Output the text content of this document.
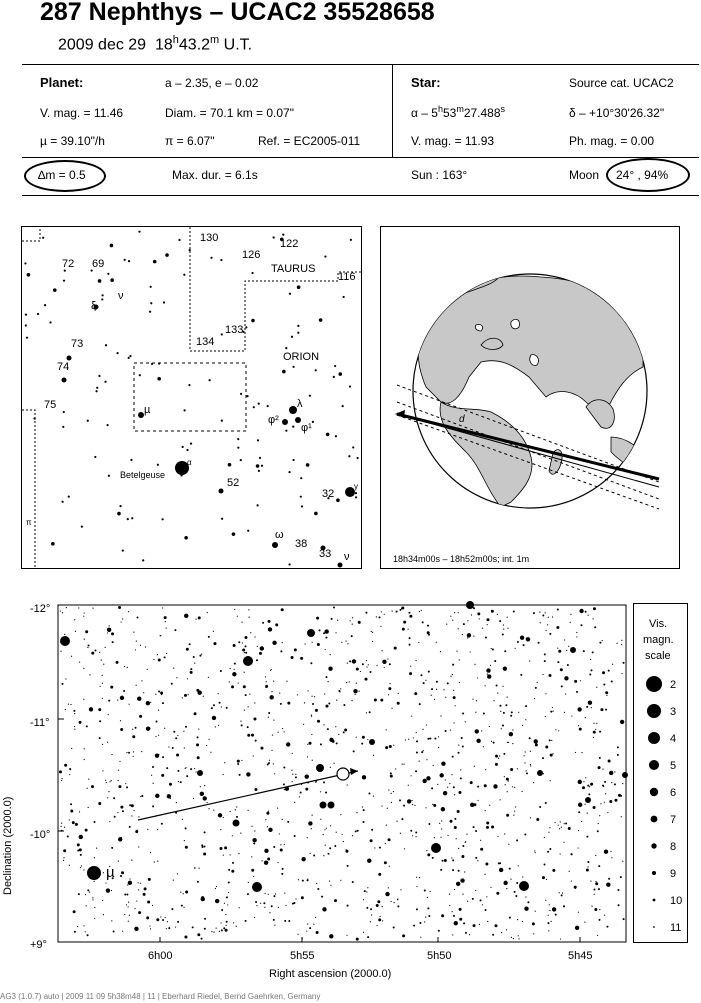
287 Nephthys – UCAC2 35528658
2009 dec 29 18$^h$43.2$^m$ U.T.
Planet:	a – 2.35, e – 0.02
V. mag. = 11.46	Diam. = 70.1 km = 0.07"
µ = 39.10"/h	π = 6.07"	Ref. = EC2005-011
Star:	Source cat. UCAC2
α – 5$^h$53$^m$27.488$^s$	δ – +10°30'26.32"
V. mag. = 11.93	Ph. mag. = 0.00
∆m = 0.5	Max. dur. = 6.1s	Sun : 163°	Moon 24° , 94%
130
126
122
TAURUS
116
72 69
133
134
ORION
73
74
75
52
32
38
33
Betelgeuse
ξ
ν
µ	λ
φ²
φ¹
α
γ
ω
ν
π
d
18h34m00s – 18h52m00s; int. 1m
µ
-12°
-11°
-10°
+9°
6h00	5h55	5h50	5h45
Right ascension (2000.0)
Declination (2000.0)
Vis.
magn.
scale
2
3
4
5
6
7
8
9
10
11
AG3 (1.0.7) auto | 2009 11 09 5h38m48 | 11 | Eberhard Riedel, Bernd Gaehrken, Germany
